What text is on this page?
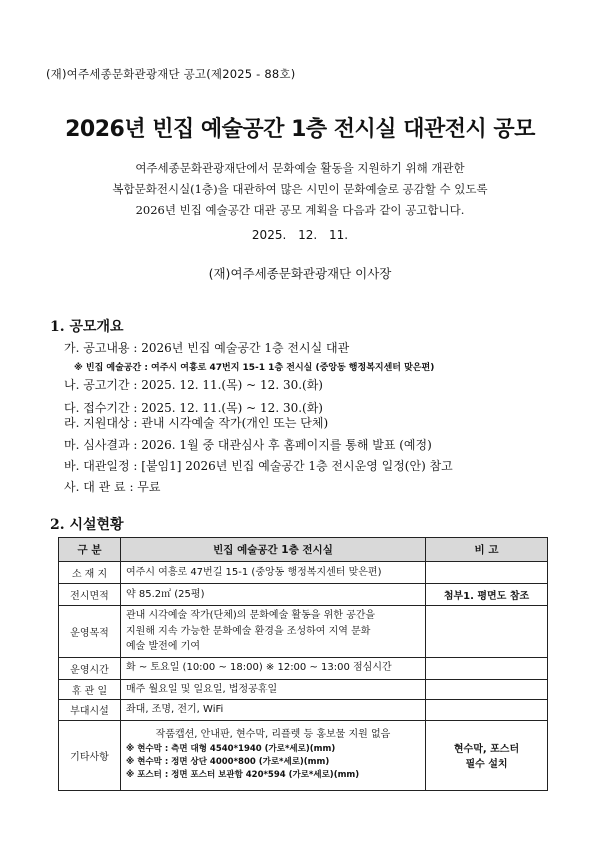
(재)여주세종문화관광재단 공고(제2025 - 88호)
2026년 빈집 예술공간 1층 전시실 대관전시 공모
여주세종문화관광재단에서 문화예술 활동을 지원하기 위해 개관한
복합문화전시실(1층)을 대관하여 많은 시민이 문화예술로 공감할 수 있도록
2026년 빈집 예술공간 대관 공모 계획을 다음과 같이 공고합니다.
2025. 12. 11.
(재)여주세종문화관광재단 이사장
1. 공모개요
가. 공고내용 : 2026년 빈집 예술공간 1층 전시실 대관
※ 빈집 예술공간 : 여주시 여흥로 47번지 15-1 1층 전시실 (중앙동 행정복지센터 맞은편)
나. 공고기간 : 2025. 12. 11.(목) ~ 12. 30.(화)
다. 접수기간 : 2025. 12. 11.(목) ~ 12. 30.(화)
라. 지원대상 : 관내 시각예술 작가(개인 또는 단체)
마. 심사결과 : 2026. 1월 중 대관심사 후 홈페이지를 통해 발표 (예정)
바. 대관일정 : [붙임1] 2026년 빈집 예술공간 1층 전시운영 일정(안) 참고
사. 대 관 료 : 무료
2. 시설현황
구 분	빈집 예술공간 1층 전시실	비 고
소 재 지	여주시 여흥로 47번길 15-1 (중앙동 행정복지센터 맞은편)	
전시면적	약 85.2㎡ (25평)	첨부1. 평면도 참조
운영목적	관내 시각예술 작가(단체)의 문화예술 활동을 위한 공간을
지원해 지속 가능한 문화예술 환경을 조성하여 지역 문화
예술 발전에 기여	

운영시간	화 ~ 토요일 (10:00 ~ 18:00) ※ 12:00 ~ 13:00 점심시간	
휴 관 일	매주 월요일 및 일요일, 법정공휴일	
부대시설	좌대, 조명, 전기, WiFi	
기타사항	작품캡션, 안내판, 현수막, 리플렛 등 홍보물 지원 없음
※ 현수막 : 측면 대형 4540*1940 (가로*세로)(mm)
※ 현수막 : 정면 상단 4000*800 (가로*세로)(mm)
※ 포스터 : 정면 포스터 보관함 420*594 (가로*세로)(mm)	현수막, 포스터
필수 설치
